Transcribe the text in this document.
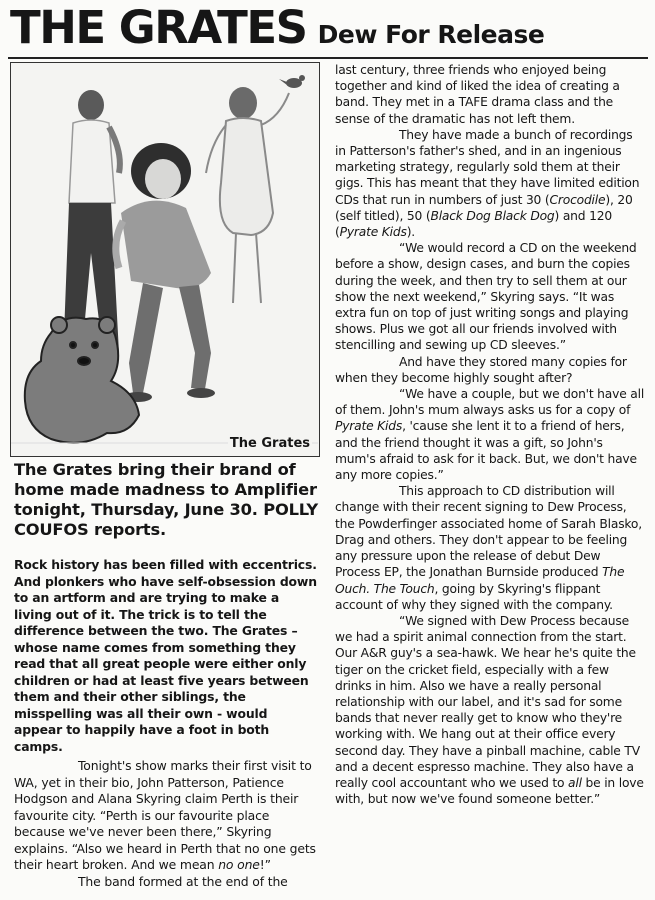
THE GRATES Dew For Release
The Grates
The Grates bring their brand of home made madness to Amplifier tonight, Thursday, June 30. POLLY COUFOS reports.

Rock history has been filled with eccentrics. And plonkers who have self-obsession down to an artform and are trying to make a living out of it. The trick is to tell the difference between the two. The Grates – whose name comes from something they read that all great people were either only children or had at least five years between them and their other siblings, the misspelling was all their own - would appear to happily have a foot in both camps.

Tonight's show marks their first visit to WA, yet in their bio, John Patterson, Patience Hodgson and Alana Skyring claim Perth is their favourite city. “Perth is our favourite place because we've never been there,” Skyring explains. “Also we heard in Perth that no one gets their heart broken. And we mean no one!”

The band formed at the end of the

last century, three friends who enjoyed being together and kind of liked the idea of creating a band. They met in a TAFE drama class and the sense of the dramatic has not left them.

They have made a bunch of recordings in Patterson's father's shed, and in an ingenious marketing strategy, regularly sold them at their gigs. This has meant that they have limited edition CDs that run in numbers of just 30 (Crocodile), 20 (self titled), 50 (Black Dog Black Dog) and 120 (Pyrate Kids).

“We would record a CD on the weekend before a show, design cases, and burn the copies during the week, and then try to sell them at our show the next weekend,” Skyring says. “It was extra fun on top of just writing songs and playing shows. Plus we got all our friends involved with stencilling and sewing up CD sleeves.”

And have they stored many copies for when they become highly sought after?

“We have a couple, but we don't have all of them. John's mum always asks us for a copy of Pyrate Kids, 'cause she lent it to a friend of hers, and the friend thought it was a gift, so John's mum's afraid to ask for it back. But, we don't have any more copies.”

This approach to CD distribution will change with their recent signing to Dew Process, the Powderfinger associated home of Sarah Blasko, Drag and others. They don't appear to be feeling any pressure upon the release of debut Dew Process EP, the Jonathan Burnside produced The Ouch. The Touch, going by Skyring's flippant account of why they signed with the company.

“We signed with Dew Process because we had a spirit animal connection from the start. Our A&R guy's a sea-hawk. We hear he's quite the tiger on the cricket field, especially with a few drinks in him. Also we have a really personal relationship with our label, and it's sad for some bands that never really get to know who they're working with. We hang out at their office every second day. They have a pinball machine, cable TV and a decent espresso machine. They also have a really cool accountant who we used to all be in love with, but now we've found someone better.”
